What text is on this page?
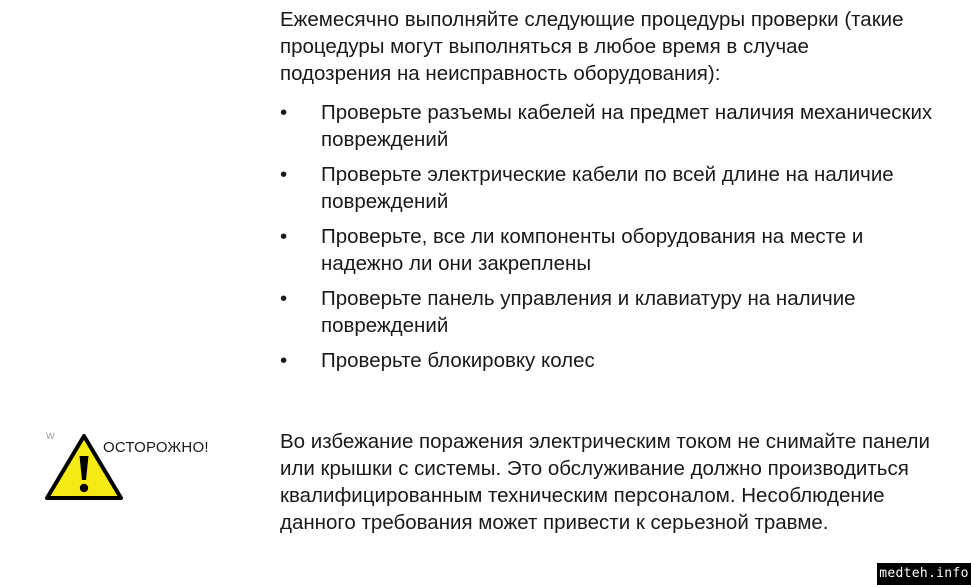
Ежемесячно выполняйте следующие процедуры проверки (такие процедуры могут выполняться в любое время в случае подозрения на неисправность оборудования):

•	Проверьте разъемы кабелей на предмет наличия механических повреждений
•	Проверьте электрические кабели по всей длине на наличие повреждений
•	Проверьте, все ли компоненты оборудования на месте и надежно ли они закреплены
•	Проверьте панель управления и клавиатуру на наличие повреждений
•	Проверьте блокировку колес
W
ОСТОРОЖНО!	Во избежание поражения электрическим током не снимайте панели или крышки с системы. Это обслуживание должно производиться квалифицированным техническим персоналом. Несоблюдение данного требования может привести к серьезной травме.

medteh.info
